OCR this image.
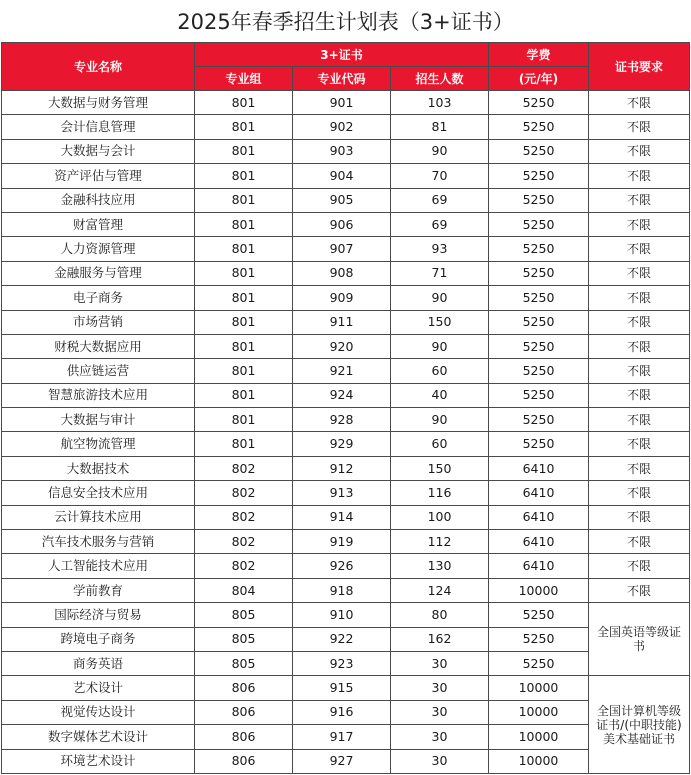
2025年春季招生计划表（3+证书）
专业名称	3+证书			学费	证书要求
	专业组	专业代码	招生人数	(元/年)	
大数据与财务管理	801	901	103	5250	不限
会计信息管理	801	902	81	5250	不限
大数据与会计	801	903	90	5250	不限
资产评估与管理	801	904	70	5250	不限
金融科技应用	801	905	69	5250	不限
财富管理	801	906	69	5250	不限
人力资源管理	801	907	93	5250	不限
金融服务与管理	801	908	71	5250	不限
电子商务	801	909	90	5250	不限
市场营销	801	911	150	5250	不限
财税大数据应用	801	920	90	5250	不限
供应链运营	801	921	60	5250	不限
智慧旅游技术应用	801	924	40	5250	不限
大数据与审计	801	928	90	5250	不限
航空物流管理	801	929	60	5250	不限
大数据技术	802	912	150	6410	不限
信息安全技术应用	802	913	116	6410	不限
云计算技术应用	802	914	100	6410	不限
汽车技术服务与营销	802	919	112	6410	不限
人工智能技术应用	802	926	130	6410	不限
学前教育	804	918	124	10000	不限
国际经济与贸易	805	910	80	5250	全国英语等级证书
跨境电子商务	805	922	162	5250	
商务英语	805	923	30	5250	
艺术设计	806	915	30	10000	全国计算机等级证书/(中职技能)美术基础证书
视觉传达设计	806	916	30	10000	
数字媒体艺术设计	806	917	30	10000	
环境艺术设计	806	927	30	10000	
